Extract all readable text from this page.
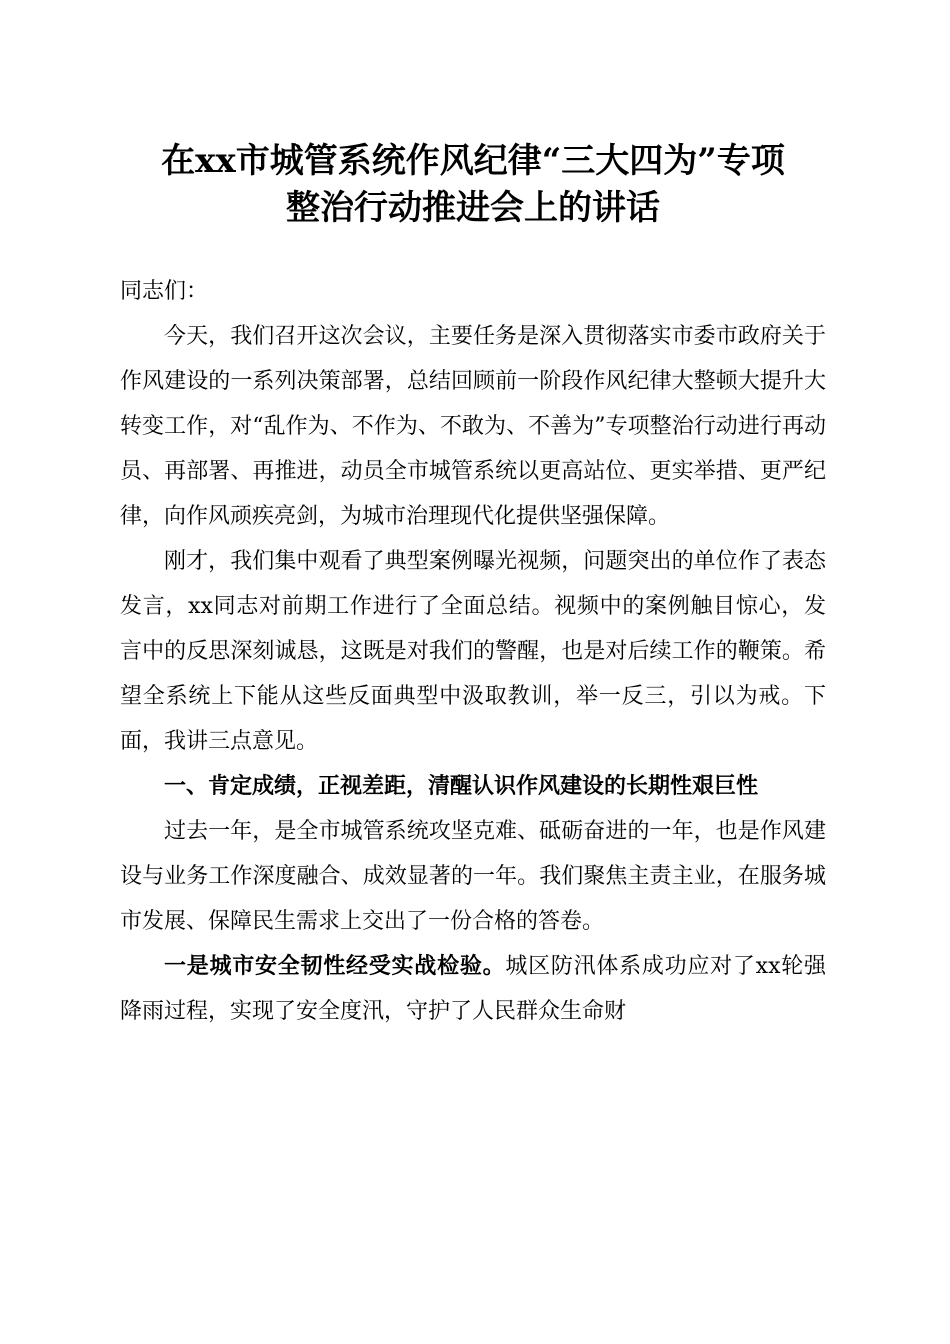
在xx市城管系统作风纪律“三大四为”专项
整治行动推进会上的讲话

同志们：

今天，我们召开这次会议，主要任务是深入贯彻落实市委市政府关于作风建设的一系列决策部署，总结回顾前一阶段作风纪律大整顿大提升大转变工作，对“乱作为、不作为、不敢为、不善为”专项整治行动进行再动员、再部署、再推进，动员全市城管系统以更高站位、更实举措、更严纪律，向作风顽疾亮剑，为城市治理现代化提供坚强保障。

刚才，我们集中观看了典型案例曝光视频，问题突出的单位作了表态发言，xx同志对前期工作进行了全面总结。视频中的案例触目惊心，发言中的反思深刻诚恳，这既是对我们的警醒，也是对后续工作的鞭策。希望全系统上下能从这些反面典型中汲取教训，举一反三，引以为戒。下面，我讲三点意见。

一、肯定成绩，正视差距，清醒认识作风建设的长期性艰巨性

过去一年，是全市城管系统攻坚克难、砥砺奋进的一年，也是作风建设与业务工作深度融合、成效显著的一年。我们聚焦主责主业，在服务城市发展、保障民生需求上交出了一份合格的答卷。

一是城市安全韧性经受实战检验。城区防汛体系成功应对了xx轮强降雨过程，实现了安全度汛，守护了人民群众生命财
